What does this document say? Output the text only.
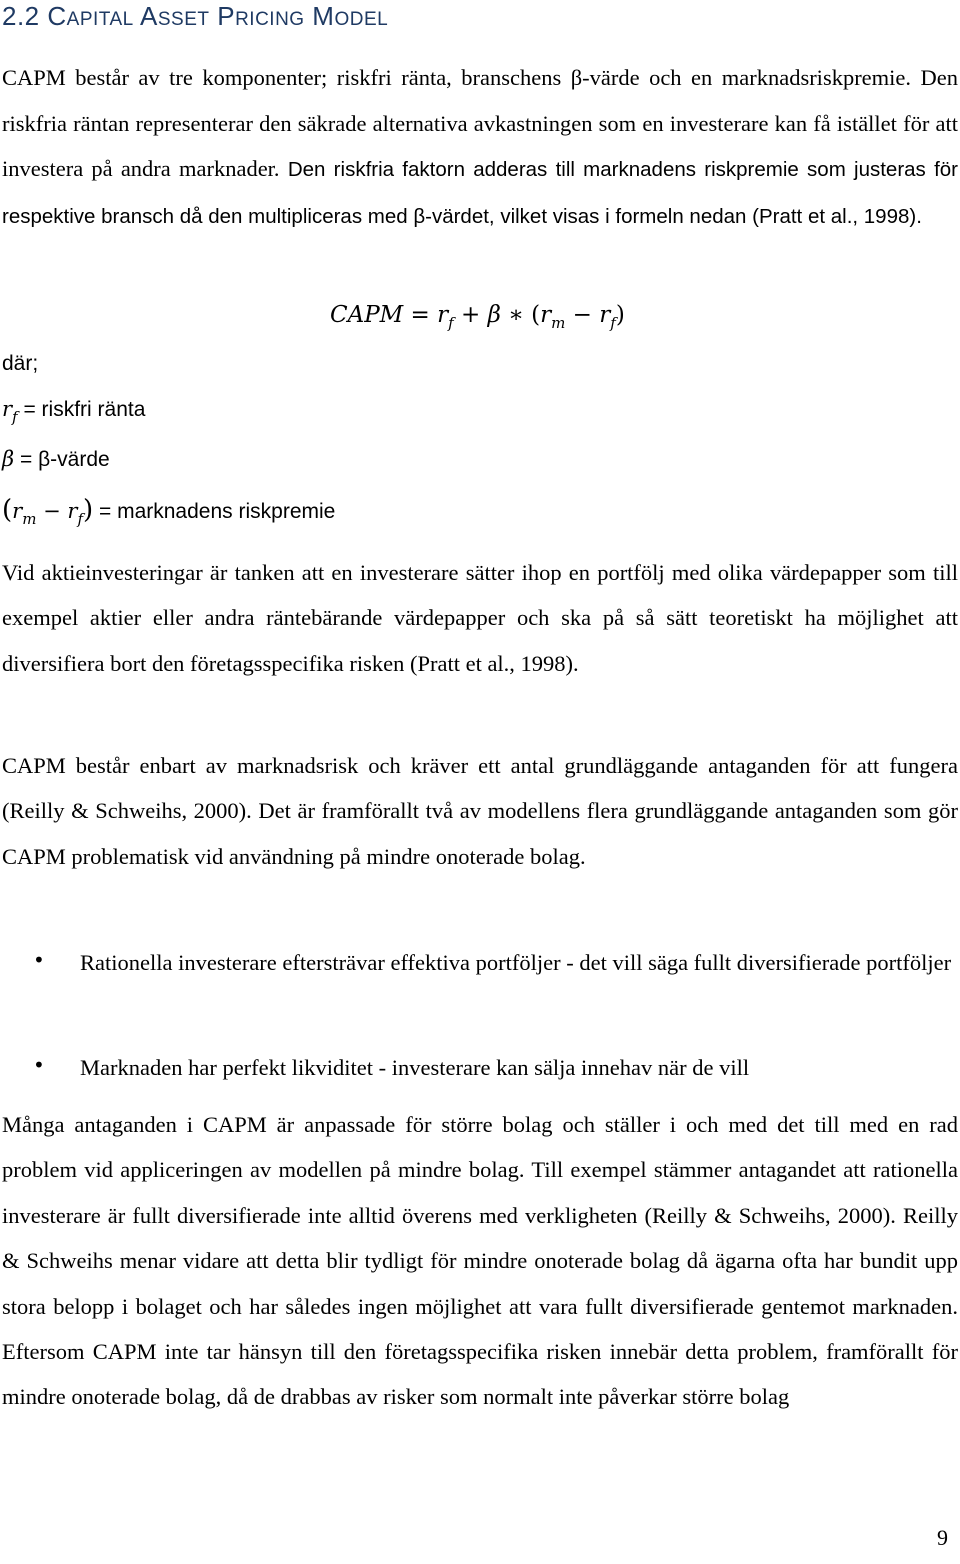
2.2 CAPITAL ASSET PRICING MODEL
CAPM består av tre komponenter; riskfri ränta, branschens β-värde och en marknadsriskpremie. Den riskfria räntan representerar den säkrade alternativa avkastningen som en investerare kan få istället för att investera på andra marknader. Den riskfria faktorn adderas till marknadens riskpremie som justeras för respektive bransch då den multipliceras med β-värdet, vilket visas i formeln nedan (Pratt et al., 1998).
CAPM = $r_f + \beta$ ∗ $(r_m - r_f)$
där;
$r_f$ = riskfri ränta
β = β-värde
$(r_m - r_f)$ = marknadens riskpremie
Vid aktieinvesteringar är tanken att en investerare sätter ihop en portfölj med olika värdepapper som till exempel aktier eller andra räntebärande värdepapper och ska på så sätt teoretiskt ha möjlighet att diversifiera bort den företagsspecifika risken (Pratt et al., 1998).
CAPM består enbart av marknadsrisk och kräver ett antal grundläggande antaganden för att fungera (Reilly & Schweihs, 2000). Det är framförallt två av modellens flera grundläggande antaganden som gör CAPM problematisk vid användning på mindre onoterade bolag.
• Rationella investerare eftersträvar effektiva portföljer - det vill säga fullt diversifierade portföljer
• Marknaden har perfekt likviditet - investerare kan sälja innehav när de vill
Många antaganden i CAPM är anpassade för större bolag och ställer i och med det till med en rad problem vid appliceringen av modellen på mindre bolag. Till exempel stämmer antagandet att rationella investerare är fullt diversifierade inte alltid överens med verkligheten (Reilly & Schweihs, 2000). Reilly & Schweihs menar vidare att detta blir tydligt för mindre onoterade bolag då ägarna ofta har bundit upp stora belopp i bolaget och har således ingen möjlighet att vara fullt diversifierade gentemot marknaden. Eftersom CAPM inte tar hänsyn till den företagsspecifika risken innebär detta problem, framförallt för mindre onoterade bolag, då de drabbas av risker som normalt inte påverkar större bolag
9
